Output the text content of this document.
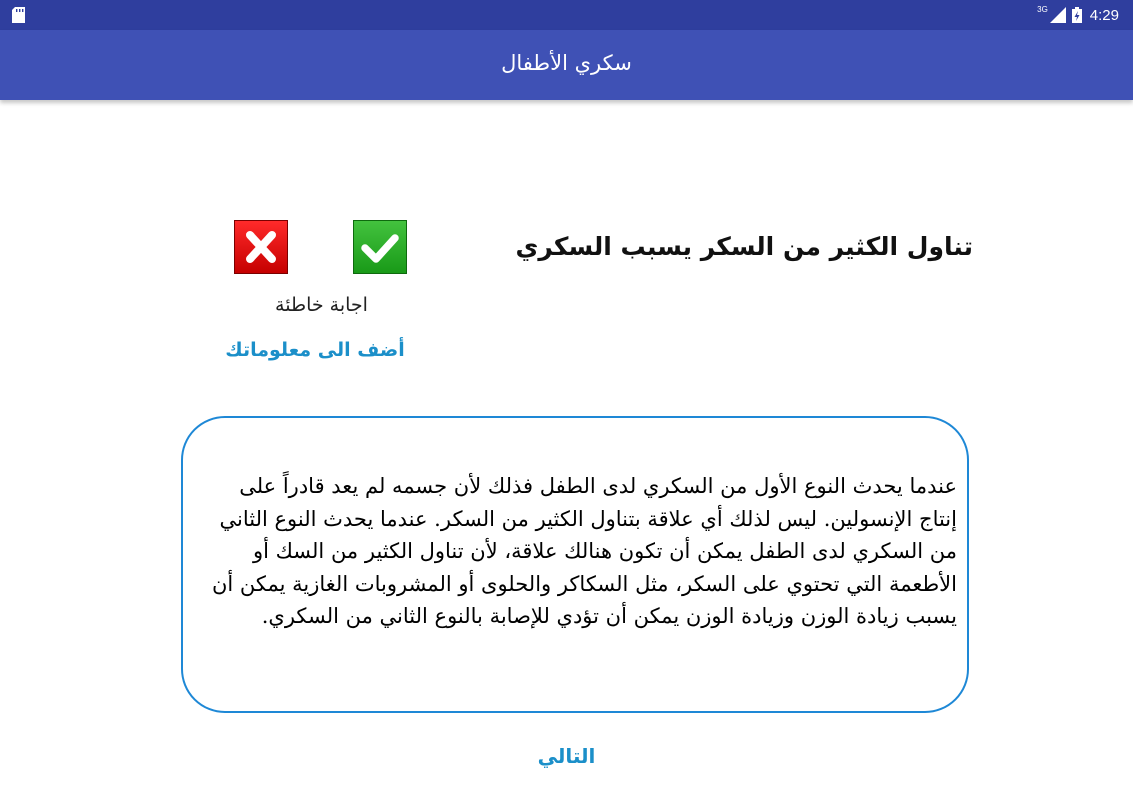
3G	4:29
سكري الأطفال
تناول الكثير من السكر يسبب السكري
اجابة خاطئة
أضف الى معلوماتك

عندما يحدث النوع الأول من السكري لدى الطفل فذلك لأن جسمه لم يعد قادراً على إنتاج الإنسولين. ليس لذلك أي علاقة بتناول الكثير من السكر. عندما يحدث النوع الثاني من السكري لدى الطفل يمكن أن تكون هنالك علاقة، لأن تناول الكثير من السك أو الأطعمة التي تحتوي على السكر، مثل السكاكر والحلوى أو المشروبات الغازية يمكن أن يسبب زيادة الوزن وزيادة الوزن يمكن أن تؤدي للإصابة بالنوع الثاني من السكري.

التالي
